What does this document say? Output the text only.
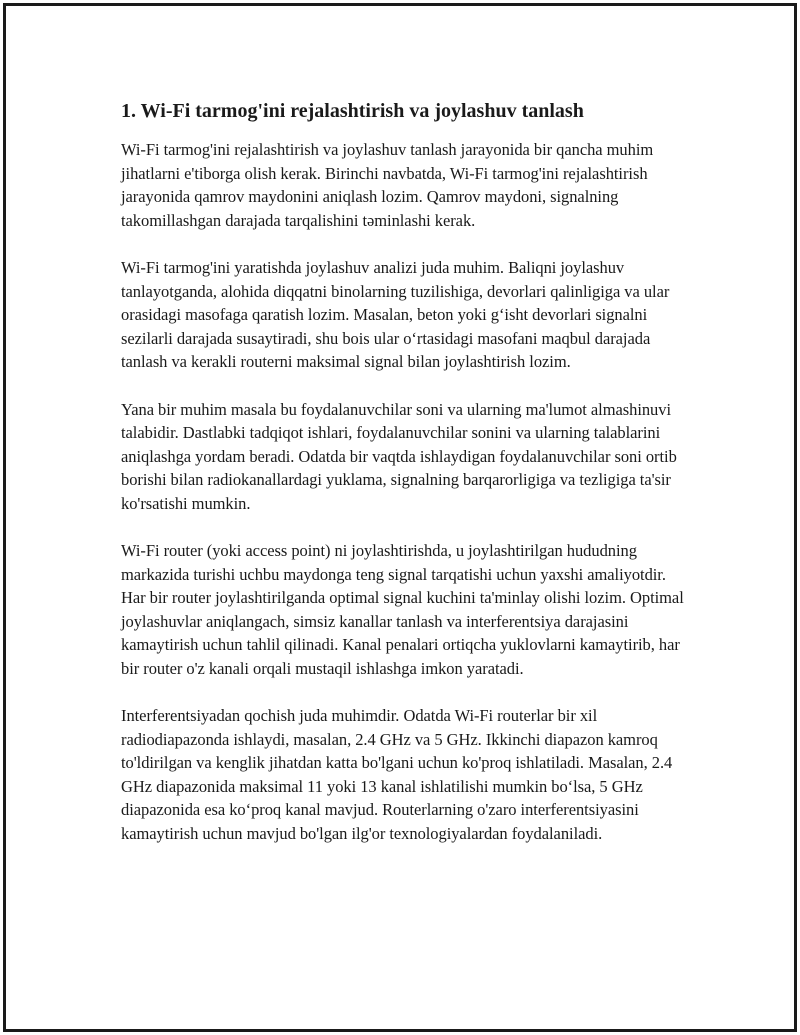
1. Wi-Fi tarmog'ini rejalashtirish va joylashuv tanlash

Wi-Fi tarmog'ini rejalashtirish va joylashuv tanlash jarayonida bir qancha muhim jihatlarni e'tiborga olish kerak. Birinchi navbatda, Wi-Fi tarmog'ini rejalashtirish jarayonida qamrov maydonini aniqlash lozim. Qamrov maydoni, signalning takomillashgan darajada tarqalishini təminlashi kerak.

Wi-Fi tarmog'ini yaratishda joylashuv analizi juda muhim. Baliqni joylashuv tanlayotganda, alohida diqqatni binolarning tuzilishiga, devorlari qalinligiga va ular orasidagi masofaga qaratish lozim. Masalan, beton yoki g‘isht devorlari signalni sezilarli darajada susaytiradi, shu bois ular o‘rtasidagi masofani maqbul darajada tanlash va kerakli routerni maksimal signal bilan joylashtirish lozim.

Yana bir muhim masala bu foydalanuvchilar soni va ularning ma'lumot almashinuvi talabidir. Dastlabki tadqiqot ishlari, foydalanuvchilar sonini va ularning talablarini aniqlashga yordam beradi. Odatda bir vaqtda ishlaydigan foydalanuvchilar soni ortib borishi bilan radiokanallardagi yuklama, signalning barqarorligiga va tezligiga ta'sir ko'rsatishi mumkin.

Wi-Fi router (yoki access point) ni joylashtirishda, u joylashtirilgan hududning markazida turishi uchbu maydonga teng signal tarqatishi uchun yaxshi amaliyotdir. Har bir router joylashtirilganda optimal signal kuchini ta'minlay olishi lozim. Optimal joylashuvlar aniqlangach, simsiz kanallar tanlash va interferentsiya darajasini kamaytirish uchun tahlil qilinadi. Kanal penalari ortiqcha yuklovlarni kamaytirib, har bir router o'z kanali orqali mustaqil ishlashga imkon yaratadi.

Interferentsiyadan qochish juda muhimdir. Odatda Wi-Fi routerlar bir xil radiodiapazonda ishlaydi, masalan, 2.4 GHz va 5 GHz. Ikkinchi diapazon kamroq to'ldirilgan va kenglik jihatdan katta bo'lgani uchun ko'proq ishlatiladi. Masalan, 2.4 GHz diapazonida maksimal 11 yoki 13 kanal ishlatilishi mumkin bo‘lsa, 5 GHz diapazonida esa ko‘proq kanal mavjud. Routerlarning o'zaro interferentsiyasini kamaytirish uchun mavjud bo'lgan ilg'or texnologiyalardan foydalaniladi.
